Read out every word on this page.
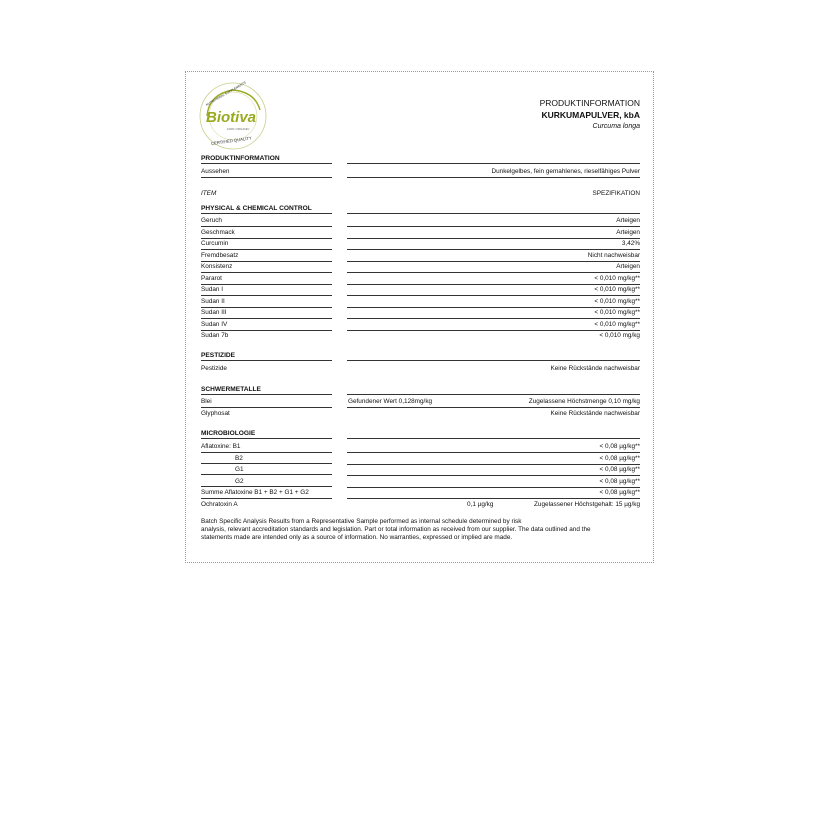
Biotiva
100% ORGANIC
CERTIFIED QUALITY
NUTRITIONAL SUPPLEMENTS	PRODUKTINFORMATION
KURKUMAPULVER, kbA
Curcuma longa
PRODUKTINFORMATION
Aussehen	Dunkelgelbes, fein gemahlenes, rieselfähiges Pulver
ITEM	SPEZIFIKATION
PHYSICAL & CHEMICAL CONTROL
Geruch	Arteigen
Geschmack	Arteigen
Curcumin	3,42%
Fremdbesatz	Nicht nachweisbar
Konsistenz	Arteigen
Pararot	< 0,010 mg/kg**
Sudan I	< 0,010 mg/kg**
Sudan II	< 0,010 mg/kg**
Sudan III	< 0,010 mg/kg**
Sudan IV	< 0,010 mg/kg**
Sudan 7b	< 0,010 mg/kg
PESTIZIDE
Pestizide	Keine Rückstände nachweisbar
SCHWERMETALLE
Blei	Gefundener Wert 0,128mg/kg	Zugelassene Höchstmenge 0,10 mg/kg
Glyphosat	Keine Rückstände nachweisbar
MICROBIOLOGIE
Aflatoxine: B1	< 0,08 µg/kg**
B2	< 0,08 µg/kg**
G1	< 0,08 µg/kg**
G2	< 0,08 µg/kg**
Summe Aflatoxine B1 + B2 + G1 + G2	< 0,08 µg/kg**
Ochratoxin A	0,1 µg/kg	Zugelassener Höchstgehalt: 15 µg/kg
Batch Specific Analysis Results from a Representative Sample performed as internal schedule determined by risk
analysis, relevant accreditation standards and legislation. Part or total information as received from our supplier. The data outlined and the
statements made are intended only as a source of information. No warranties, expressed or implied are made.
